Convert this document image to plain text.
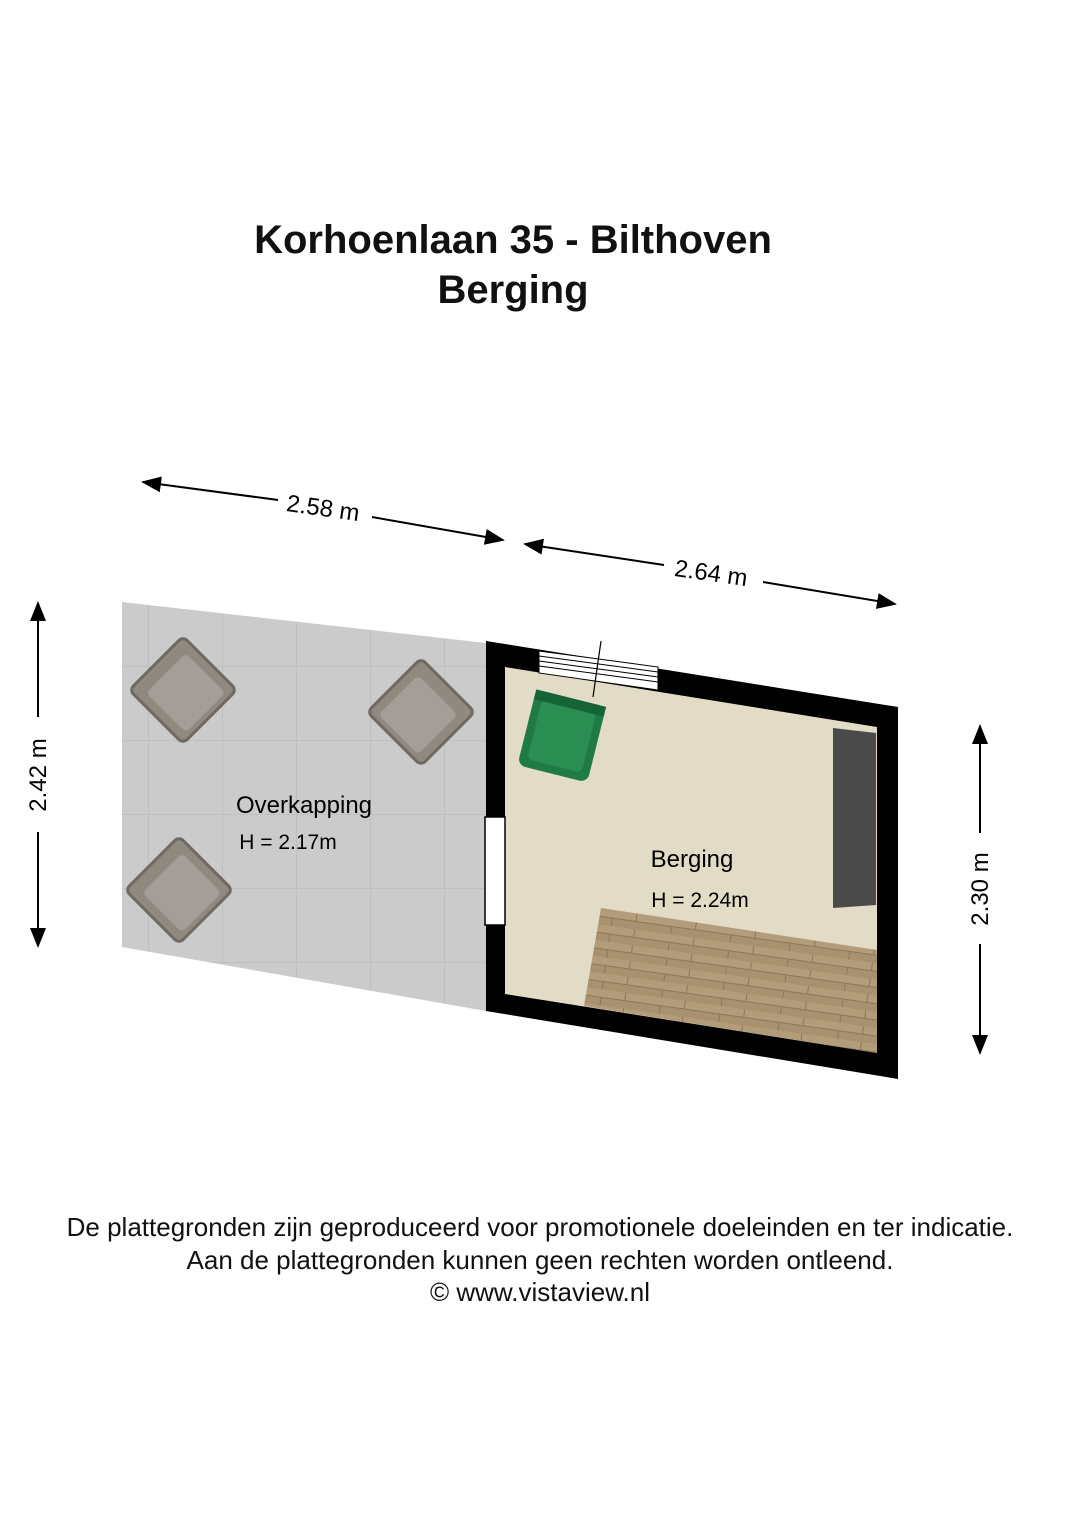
Korhoenlaan 35 - Bilthoven
Berging
2.58 m
2.64 m
2.42 m
2.30 m
Overkapping
H = 2.17m
Berging
H = 2.24m
De plattegronden zijn geproduceerd voor promotionele doeleinden en ter indicatie.
Aan de plattegronden kunnen geen rechten worden ontleend.
© www.vistaview.nl
